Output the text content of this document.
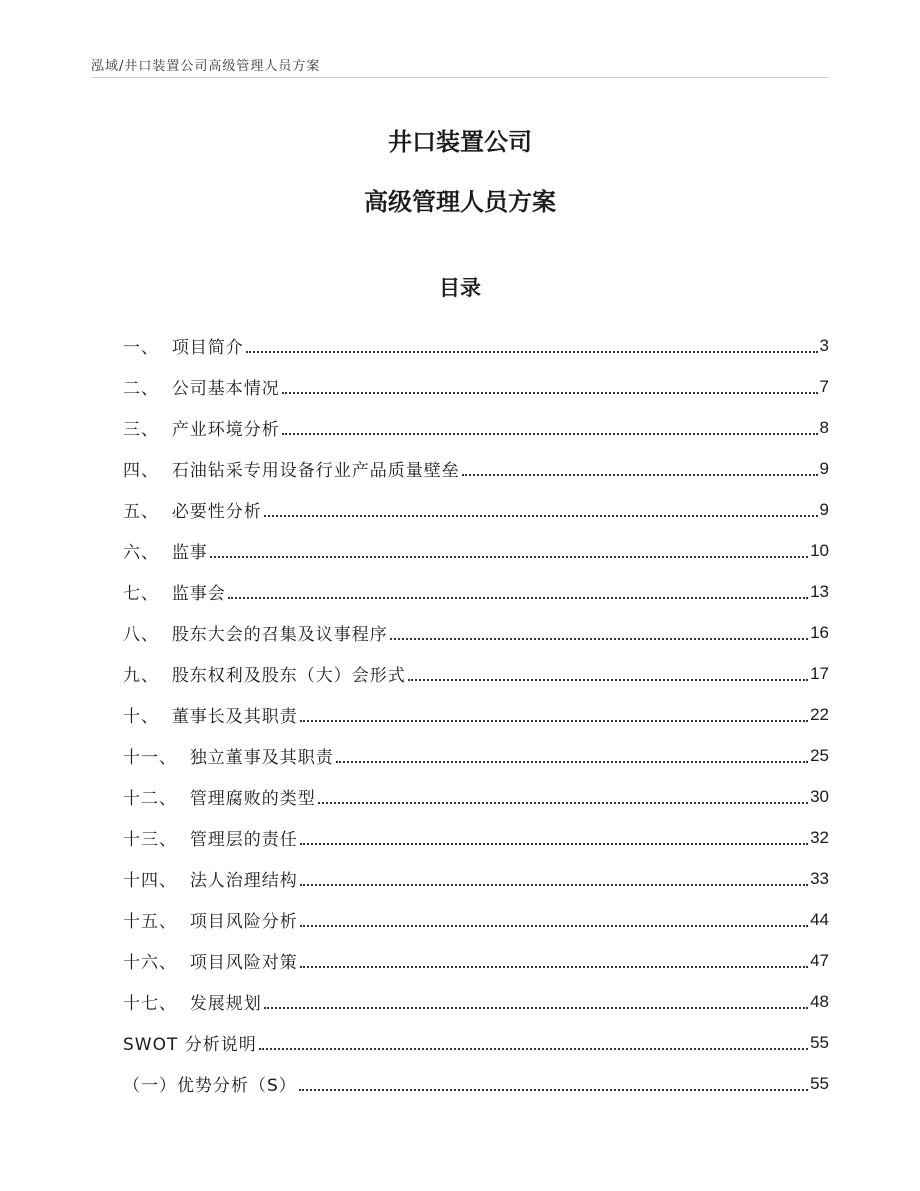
泓域/井口装置公司高级管理人员方案
井口装置公司
高级管理人员方案
目录
一、 项目简介	3
二、 公司基本情况	7
三、 产业环境分析	8
四、 石油钻采专用设备行业产品质量壁垒	9
五、 必要性分析	9
六、 监事	10
七、 监事会	13
八、 股东大会的召集及议事程序	16
九、 股东权利及股东（大）会形式	17
十、 董事长及其职责	22
十一、 独立董事及其职责	25
十二、 管理腐败的类型	30
十三、 管理层的责任	32
十四、 法人治理结构	33
十五、 项目风险分析	44
十六、 项目风险对策	47
十七、 发展规划	48
SWOT 分析说明	55
（一）优势分析（S）	55
